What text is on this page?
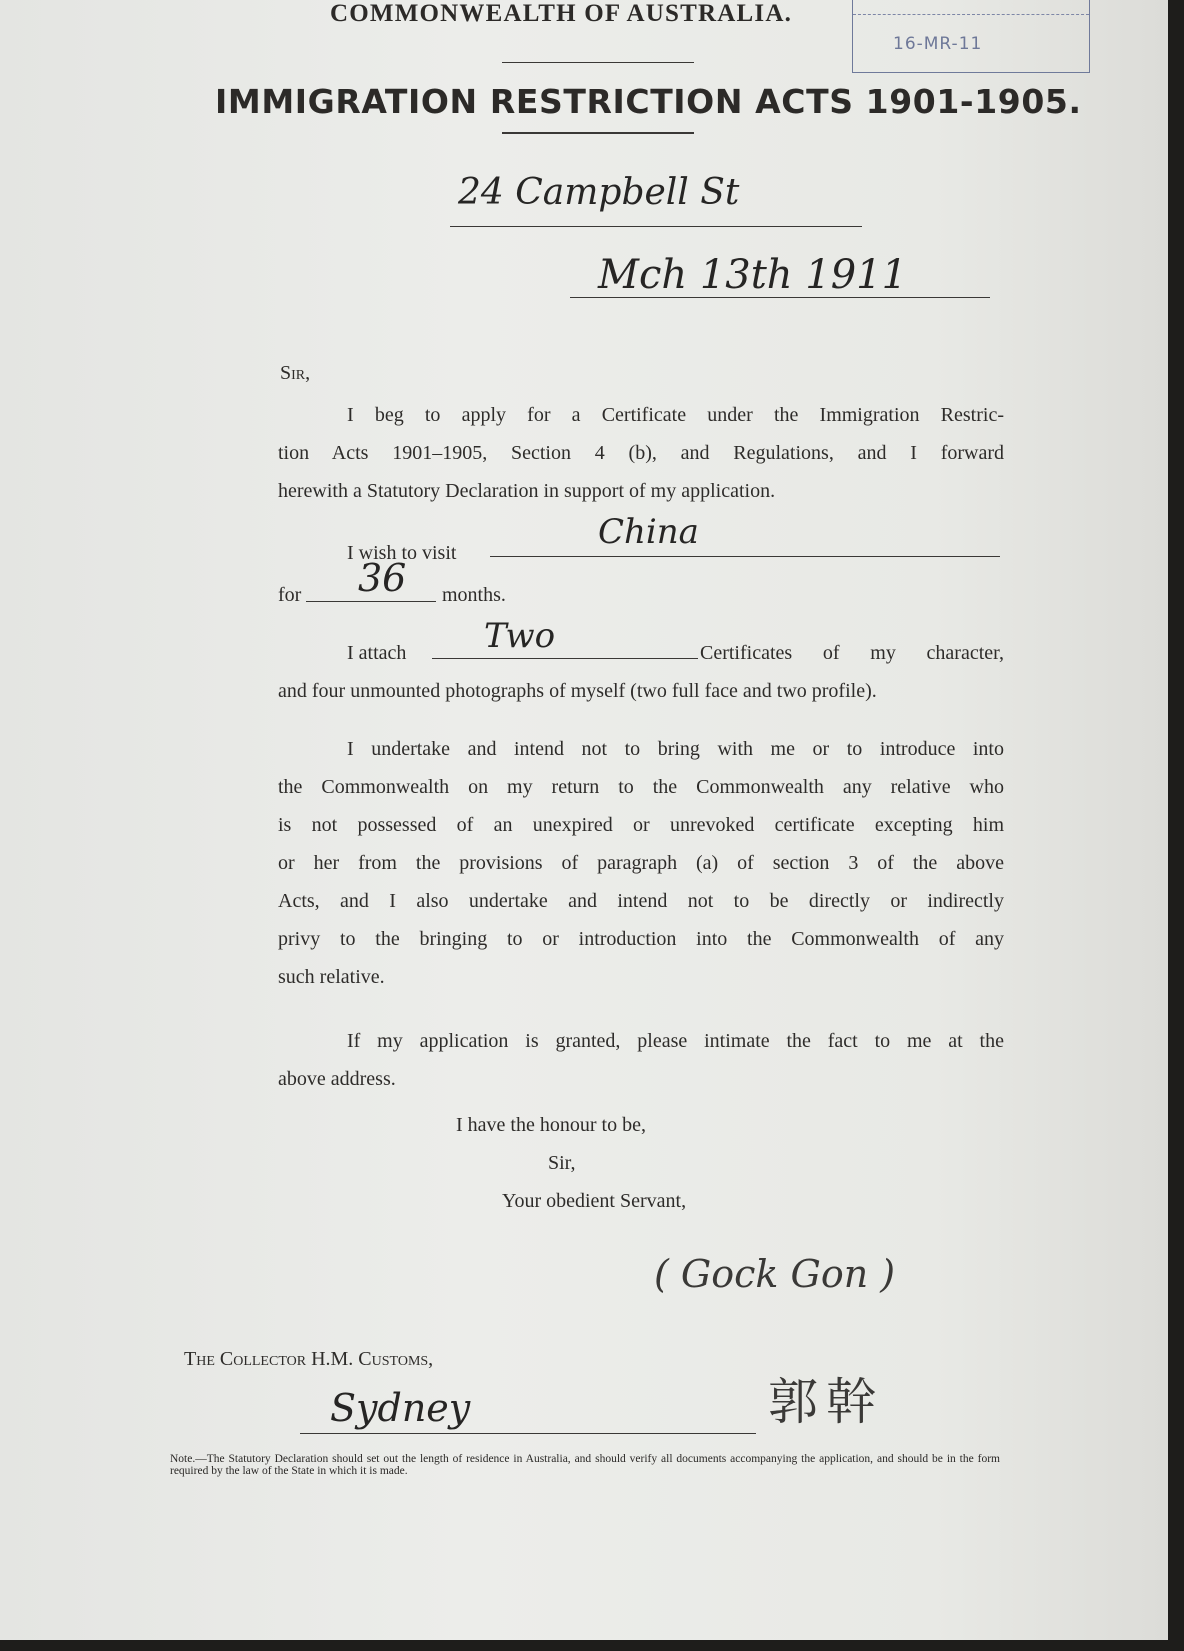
16-MR-11
COMMONWEALTH OF AUSTRALIA.
IMMIGRATION RESTRICTION ACTS 1901-1905.
24 Campbell St
Mch 13th 1911
Sir,
I beg to apply for a Certificate under the Immigration Restric-
tion Acts 1901–1905, Section 4 (b), and Regulations, and I forward
herewith a Statutory Declaration in support of my application.
I wish to visit
China
for 36 months.
I attach Two	Certificates of my character,
and four unmounted photographs of myself (two full face and two profile).
I undertake and intend not to bring with me or to introduce into
the Commonwealth on my return to the Commonwealth any relative who
is not possessed of an unexpired or unrevoked certificate excepting him
or her from the provisions of paragraph (a) of section 3 of the above
Acts, and I also undertake and intend not to be directly or indirectly
privy to the bringing to or introduction into the Commonwealth of any
such relative.
If my application is granted, please intimate the fact to me at the
above address.
I have the honour to be,
Sir,
Your obedient Servant,
( Gock Gon )
郭幹
The Collector H.M. Customs,
Sydney
Note.—The Statutory Declaration should set out the length of residence in Australia, and should verify all documents accompanying the application, and should be in the form required by the law of the State in which it is made.
